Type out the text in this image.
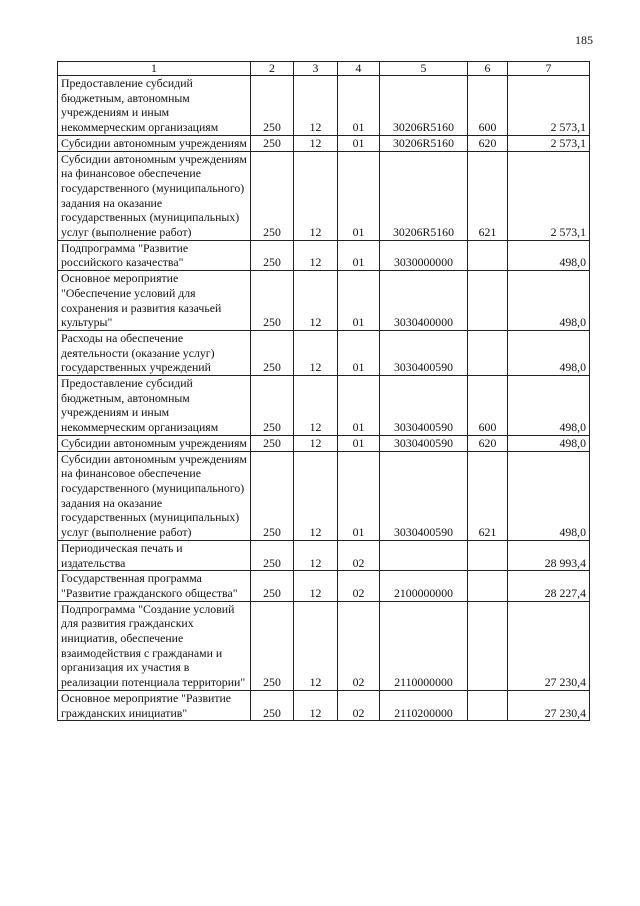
185
1	2	3	4	5	6	7
Предоставление субсидий бюджетным, автономным учреждениям и иным некоммерческим организациям	250	12	01	30206R5160	600	2 573,1
Субсидии автономным учреждениям	250	12	01	30206R5160	620	2 573,1
Субсидии автономным учреждениям на финансовое обеспечение государственного (муниципального) задания на оказание государственных (муниципальных) услуг (выполнение работ)	250	12	01	30206R5160	621	2 573,1
Подпрограмма "Развитие российского казачества"	250	12	01	3030000000		498,0
Основное мероприятие "Обеспечение условий для сохранения и развития казачьей культуры"	250	12	01	3030400000		498,0
Расходы на обеспечение деятельности (оказание услуг) государственных учреждений	250	12	01	3030400590		498,0
Предоставление субсидий бюджетным, автономным учреждениям и иным некоммерческим организациям	250	12	01	3030400590	600	498,0
Субсидии автономным учреждениям	250	12	01	3030400590	620	498,0
Субсидии автономным учреждениям на финансовое обеспечение государственного (муниципального) задания на оказание государственных (муниципальных) услуг (выполнение работ)	250	12	01	3030400590	621	498,0
Периодическая печать и издательства	250	12	02			28 993,4
Государственная программа "Развитие гражданского общества"	250	12	02	2100000000		28 227,4
Подпрограмма "Создание условий для развития гражданских инициатив, обеспечение взаимодействия с гражданами и организация их участия в реализации потенциала территории"	250	12	02	2110000000		27 230,4
Основное мероприятие "Развитие гражданских инициатив"	250	12	02	2110200000		27 230,4
